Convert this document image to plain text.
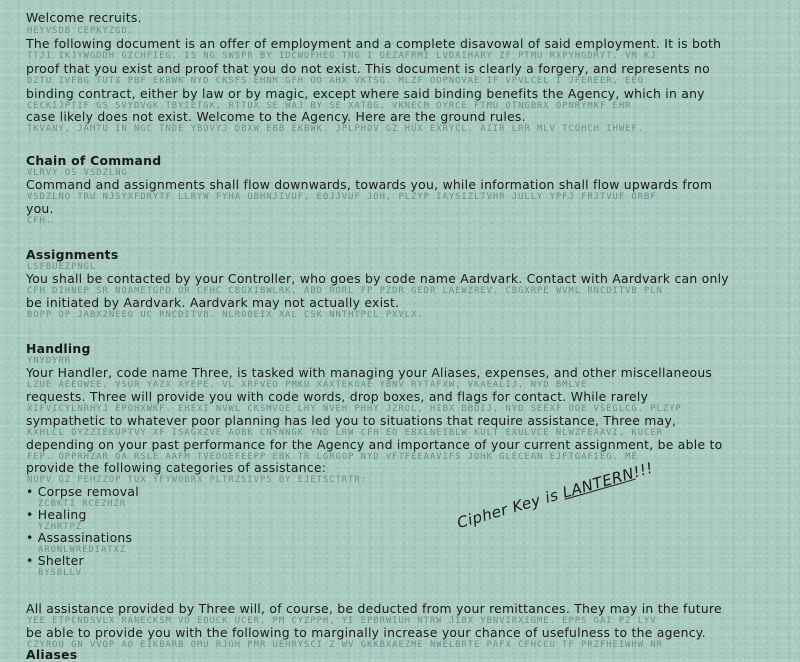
Welcome recruits.
HEYVSDB CEPKYZGD.
The following document is an offer of employment and a complete disavowal of said employment. It is both
TTJI IKJYWGDDH GZCHFIEG. IS NG SWSPR BY IDCWOFHEG TNG I GEZAFRMI LVDAIHARY ZF PTMU RXPYHGDRYT. VM KJ
proof that you exist and proof that you do not exist. This document is clearly a forgery, and represents no
DZTU IVFBG TUTX PBF EKBWK NYD CKSFS EHNM GFH OO AHX VKTSG. MLZF OOPNOVAE IF VPVLCEL I JFEREER, EEO
binding contract, either by law or by magic, except where said binding benefits the Agency, which in any
CECKIJPTIF GS SVYDVGK TBYIETGK, RTTUX SE WAJ BY SE XATBG. VKNECM OYRCE FTMU OTNGBRX OPNRYMKF EHR
case likely does not exist. Welcome to the Agency. Here are the ground rules.
TKVANY, JAMTU IN NGC TNDE YBOVYJ DBXW EBB EKBWK. JPLPHOV GZ HUX EXRYCL. AIIR LRR MLV TCOHCH IHWEF.
Chain of Command
VLRVY OS VSDZLNG
Command and assignments shall flow downwards, towards you, while information shall flow upwards from
VSDZLNO TRU NJSYXFDRYTF LLRYW FYHA UBHNJIVUF, EOJJVUF JOH, PLZYP IAYSIZLTVHR JULLY YPFJ FRJTVUF ORBF
you.
CFH.
Assignments
LSFBUEZPNGL
You shall be contacted by your Controller, who goes by code name Aardvark. Contact with Aardvark can only
CFH DIHNEP SR NOAMETGPD OR CFHC CBGXIBWLRK, ABD RORL FP PZDR GEDR LAEWZREV. CBGXRPE WVML RNCDITVB PLN
be initiated by Aardvark. Aardvark may not actually exist.
BOPP OP JABXZNEEO UC RNCDITVB. NLROOEIX XAL CSK NNTHTPCL PXVLX.
Handling
YNYDYRR
Your Handler, code name Three, is tasked with managing your Aliases, expenses, and other miscellaneous
LZUE AEEOWEE, VSUR YAZX XYEPE, VL XRFVEO PMKU XAXTEKOAE YBNV RYTAFXW, VKAEALIJ, NYD BMLVE
requests. Three will provide you with code words, drop boxes, and flags for contact. While rarely
XIFVICYLNRHYJ EPOHXWKF. EHEXI NVWL CKSMVOE LHY NVEH PHHY JZROL, HIBX BBOIJ, NYD SEEXF OOE VSEGLCG. PLZYP
sympathetic to whatever poor planning has led you to situations that require assistance, Three may,
KXHLCL DYZZIEKUPTVY XF ISAGXZVE AOBK CNYNNGK YND LRW CFH EO EBXLNEIBLW KULT EXULVCE NLWZFEAAVI, KUCER
depending on your past performance for the Agency and importance of your current assignment, be able to
FEP. OPPRHZAR OA RSLE AAFM TVEOOEFEEPP EBK TR LGRGOP NYD VFTFEEAAVIFS JOHK GLECEAN EJFTGAFIEG. ME
provide the following categories of assistance:
NUPV GZ PEHZZOP TUX YFYWOBRX PLTRZSIVPS BY EJETSCTRTR:
• Corpse removal
ZCBKTI RCEZHZR
• Healing
YZHRTPZ
• Assassinations
ARONLWREDIATXZ
• Shelter
BYSBLLV
All assistance provided by Three will, of course, be deducted from your remittances. They may in the future
YEE ETPCNDSVLX RANECKSM VO EOUCK UCER, PM CYZPPH, YI EPBRWIUH NTRW JIBX YBNVIRXIGME. EPPS GAI PZ LYV
be able to provide you with the following to marginally increase your chance of usefulness to the agency.
CZYROU GN VVOP AO EIKBARB OMU RJOH PMR UEHRYSCI Z WV GKKBXAEZME NWELBRTE PAFX CFHCCU TF PRZFHEIWHW NR
Aliases
Cipher Key is LANTERN!!!
